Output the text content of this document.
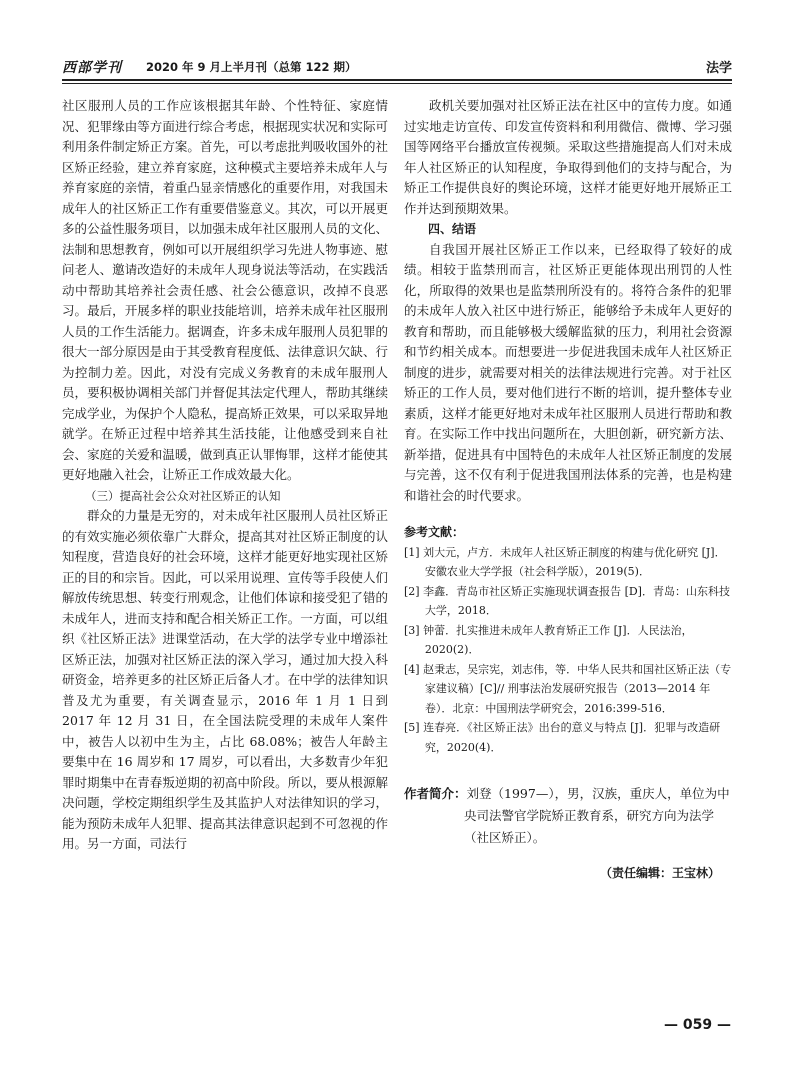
西部学刊 2020 年 9 月上半月刊（总第 122 期）	法学

社区服刑人员的工作应该根据其年龄、个性特征、家庭情况、犯罪缘由等方面进行综合考虑，根据现实状况和实际可利用条件制定矫正方案。首先，可以考虑批判吸收国外的社区矫正经验，建立养育家庭，这种模式主要培养未成年人与养育家庭的亲情，着重凸显亲情感化的重要作用，对我国未成年人的社区矫正工作有重要借鉴意义。其次，可以开展更多的公益性服务项目，以加强未成年社区服刑人员的文化、法制和思想教育，例如可以开展组织学习先进人物事迹、慰问老人、邀请改造好的未成年人现身说法等活动，在实践活动中帮助其培养社会责任感、社会公德意识，改掉不良恶习。最后，开展多样的职业技能培训，培养未成年社区服刑人员的工作生活能力。据调查，许多未成年服刑人员犯罪的很大一部分原因是由于其受教育程度低、法律意识欠缺、行为控制力差。因此，对没有完成义务教育的未成年服刑人员，要积极协调相关部门并督促其法定代理人，帮助其继续完成学业，为保护个人隐私，提高矫正效果，可以采取异地就学。在矫正过程中培养其生活技能，让他感受到来自社会、家庭的关爱和温暖，做到真正认罪悔罪，这样才能使其更好地融入社会，让矫正工作成效最大化。

（三）提高社会公众对社区矫正的认知

群众的力量是无穷的，对未成年社区服刑人员社区矫正的有效实施必须依靠广大群众，提高其对社区矫正制度的认知程度，营造良好的社会环境，这样才能更好地实现社区矫正的目的和宗旨。因此，可以采用说理、宣传等手段使人们解放传统思想、转变行刑观念，让他们体谅和接受犯了错的未成年人，进而支持和配合相关矫正工作。一方面，可以组织《社区矫正法》进课堂活动，在大学的法学专业中增添社区矫正法，加强对社区矫正法的深入学习，通过加大投入科研资金，培养更多的社区矫正后备人才。在中学的法律知识普及尤为重要，有关调查显示，2016 年 1 月 1 日到 2017 年 12 月 31 日，在全国法院受理的未成年人案件中，被告人以初中生为主，占比 68.08%；被告人年龄主要集中在 16 周岁和 17 周岁，可以看出，大多数青少年犯罪时期集中在青春叛逆期的初高中阶段。所以，要从根源解决问题，学校定期组织学生及其监护人对法律知识的学习，能为预防未成年人犯罪、提高其法律意识起到不可忽视的作用。另一方面，司法行

政机关要加强对社区矫正法在社区中的宣传力度。如通过实地走访宣传、印发宣传资料和利用微信、微博、学习强国等网络平台播放宣传视频。采取这些措施提高人们对未成年人社区矫正的认知程度，争取得到他们的支持与配合，为矫正工作提供良好的舆论环境，这样才能更好地开展矫正工作并达到预期效果。

四、结语

自我国开展社区矫正工作以来，已经取得了较好的成绩。相较于监禁刑而言，社区矫正更能体现出刑罚的人性化，所取得的效果也是监禁刑所没有的。将符合条件的犯罪的未成年人放入社区中进行矫正，能够给予未成年人更好的教育和帮助，而且能够极大缓解监狱的压力，利用社会资源和节约相关成本。而想要进一步促进我国未成年人社区矫正制度的进步，就需要对相关的法律法规进行完善。对于社区矫正的工作人员，要对他们进行不断的培训，提升整体专业素质，这样才能更好地对未成年社区服刑人员进行帮助和教育。在实际工作中找出问题所在，大胆创新，研究新方法、新举措，促进具有中国特色的未成年人社区矫正制度的发展与完善，这不仅有利于促进我国刑法体系的完善，也是构建和谐社会的时代要求。

参考文献：
[1] 刘大元，卢方．未成年人社区矫正制度的构建与优化研究 [J]．安徽农业大学学报（社会科学版），2019(5)．
[2] 李鑫．青岛市社区矫正实施现状调查报告 [D]．青岛：山东科技大学，2018．
[3] 钟蕾．扎实推进未成年人教育矫正工作 [J]．人民法治，2020(2)．
[4] 赵秉志，吴宗宪，刘志伟，等．中华人民共和国社区矫正法（专家建议稿）[C]// 刑事法治发展研究报告（2013—2014 年卷）．北京：中国刑法学研究会，2016:399-516．
[5] 连春亮．《社区矫正法》出台的意义与特点 [J]．犯罪与改造研究，2020(4)．
作者简介：刘登（1997—），男，汉族，重庆人，单位为中央司法警官学院矫正教育系，研究方向为法学（社区矫正）。
（责任编辑：王宝林）
— 059 —
